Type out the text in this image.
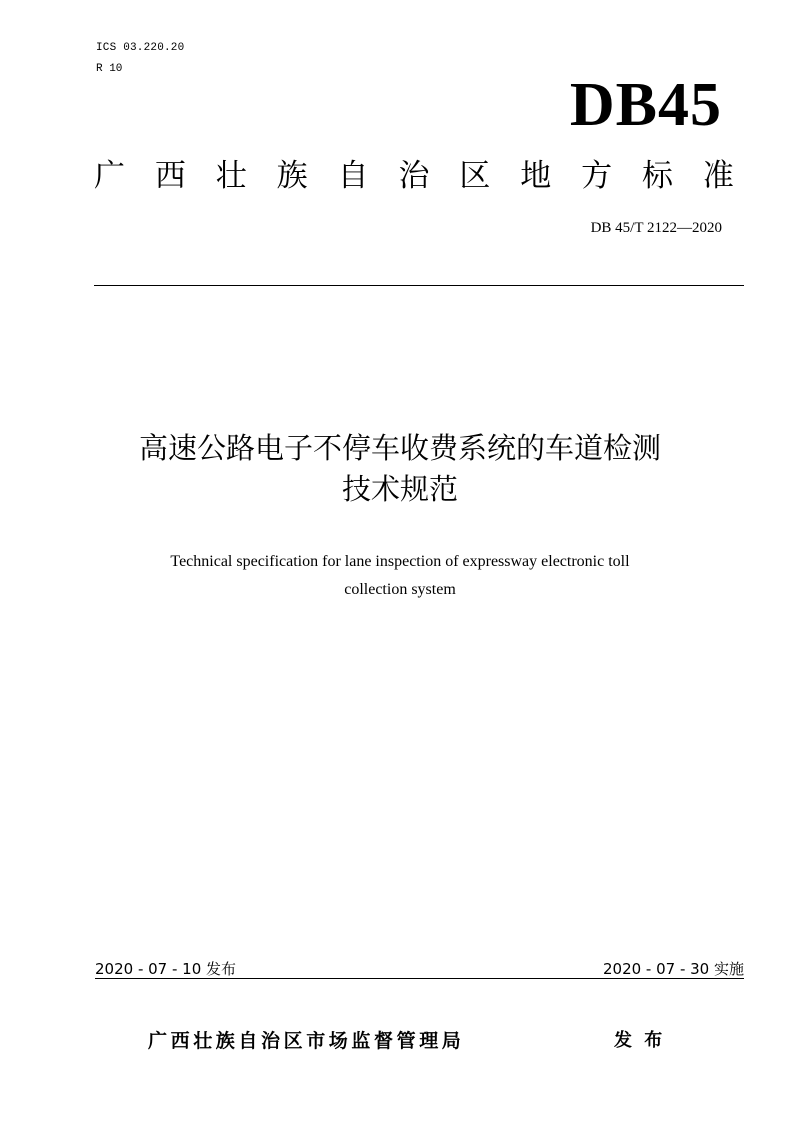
ICS 03.220.20
R 10
DB45
广 西 壮 族 自 治 区 地 方 标 准
DB 45/T 2122—2020
高速公路电子不停车收费系统的车道检测
技术规范
Technical specification for lane inspection of expressway electronic toll
collection system
2020 - 07 - 10 发布	2020 - 07 - 30 实施
广西壮族自治区市场监督管理局	发 布
